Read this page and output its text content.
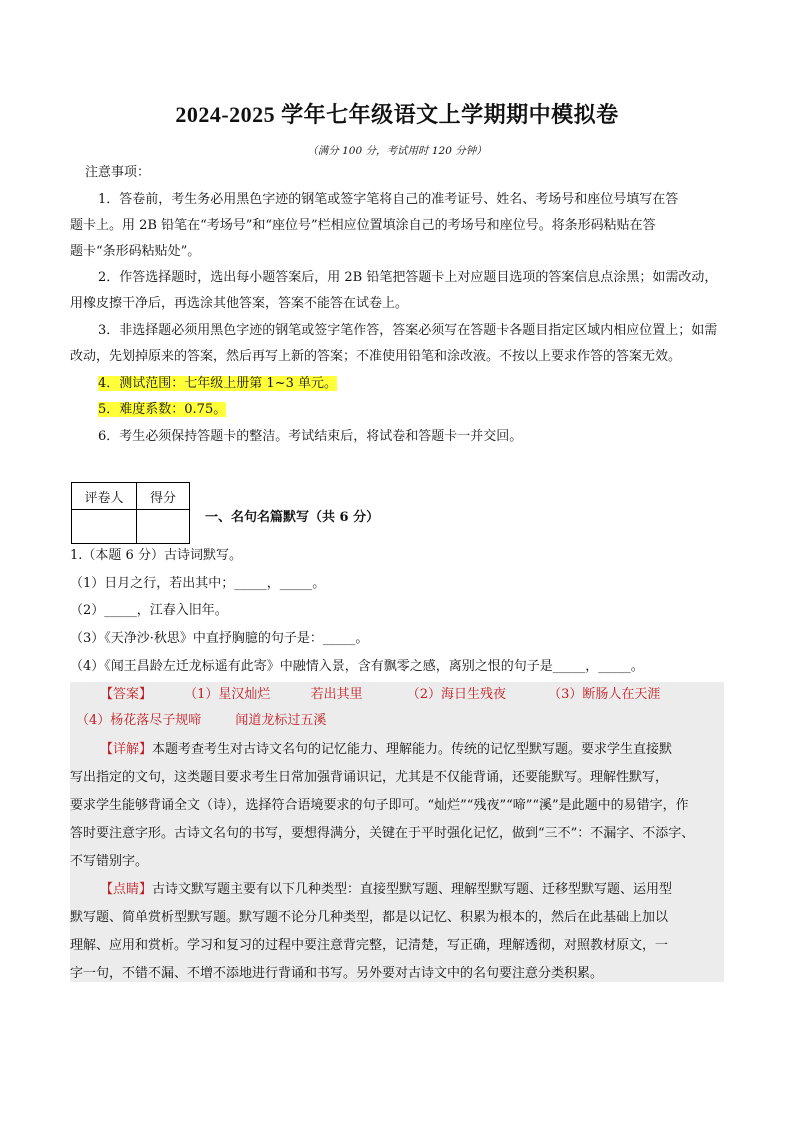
2024-2025 学年七年级语文上学期期中模拟卷
（满分 100 分，考试用时 120 分钟）
注意事项：
1．答卷前，考生务必用黑色字迹的钢笔或签字笔将自己的准考证号、姓名、考场号和座位号填写在答
题卡上。用 2B 铅笔在“考场号”和“座位号”栏相应位置填涂自己的考场号和座位号。将条形码粘贴在答
题卡“条形码粘贴处”。
2．作答选择题时，选出每小题答案后，用 2B 铅笔把答题卡上对应题目选项的答案信息点涂黑；如需改动，
用橡皮擦干净后，再选涂其他答案，答案不能答在试卷上。
3．非选择题必须用黑色字迹的钢笔或签字笔作答，答案必须写在答题卡各题目指定区域内相应位置上；如需
改动，先划掉原来的答案，然后再写上新的答案；不准使用铅笔和涂改液。不按以上要求作答的答案无效。
4．测试范围：七年级上册第 1~3 单元。
5．难度系数：0.75。
6．考生必须保持答题卡的整洁。考试结束后，将试卷和答题卡一并交回。
评卷人	得分

一、名句名篇默写（共 6 分）
1.（本题 6 分）古诗词默写。
（1）日月之行，若出其中；_____，_____。
（2）_____，江春入旧年。
（3）《天净沙·秋思》中直抒胸臆的句子是：_____。
（4）《闻王昌龄左迁龙标遥有此寄》中融情入景，含有飘零之感，离别之恨的句子是_____，_____。
【答案】 （1）星汉灿烂	若出其里	（2）海日生残夜	（3）断肠人在天涯
（4）杨花落尽子规啼	闻道龙标过五溪
【详解】本题考查考生对古诗文名句的记忆能力、理解能力。传统的记忆型默写题。要求学生直接默
写出指定的文句，这类题目要求考生日常加强背诵识记，尤其是不仅能背诵，还要能默写。理解性默写，
要求学生能够背诵全文（诗），选择符合语境要求的句子即可。“灿烂”“残夜”“啼”“溪”是此题中的易错字，作
答时要注意字形。古诗文名句的书写，要想得满分，关键在于平时强化记忆，做到“三不”：不漏字、不添字、
不写错别字。
【点睛】古诗文默写题主要有以下几种类型：直接型默写题、理解型默写题、迁移型默写题、运用型
默写题、简单赏析型默写题。默写题不论分几种类型，都是以记忆、积累为根本的，然后在此基础上加以
理解、应用和赏析。学习和复习的过程中要注意背完整，记清楚，写正确，理解透彻，对照教材原文，一
字一句，不错不漏、不增不添地进行背诵和书写。另外要对古诗文中的名句要注意分类积累。
